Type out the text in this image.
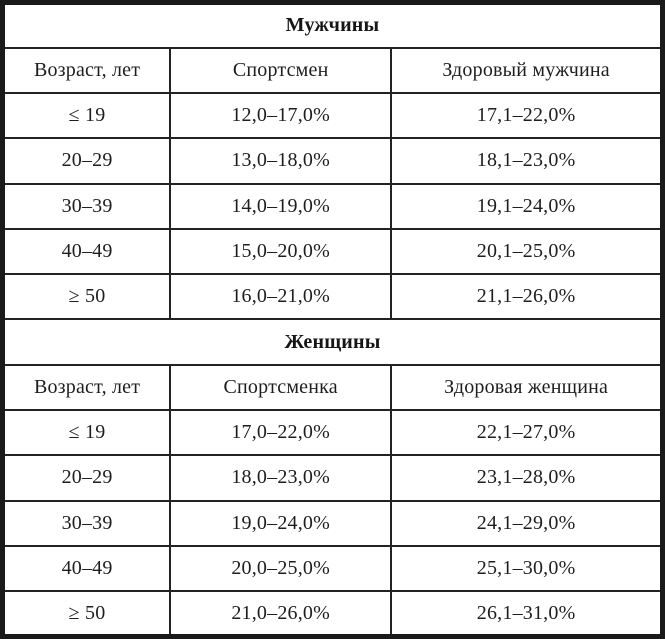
Мужчины		
Возраст, лет	Спортсмен	Здоровый мужчина
≤ 19	12,0–17,0%	17,1–22,0%
20–29	13,0–18,0%	18,1–23,0%
30–39	14,0–19,0%	19,1–24,0%
40–49	15,0–20,0%	20,1–25,0%
≥ 50	16,0–21,0%	21,1–26,0%
Женщины		
Возраст, лет	Спортсменка	Здоровая женщина
≤ 19	17,0–22,0%	22,1–27,0%
20–29	18,0–23,0%	23,1–28,0%
30–39	19,0–24,0%	24,1–29,0%
40–49	20,0–25,0%	25,1–30,0%
≥ 50	21,0–26,0%	26,1–31,0%
